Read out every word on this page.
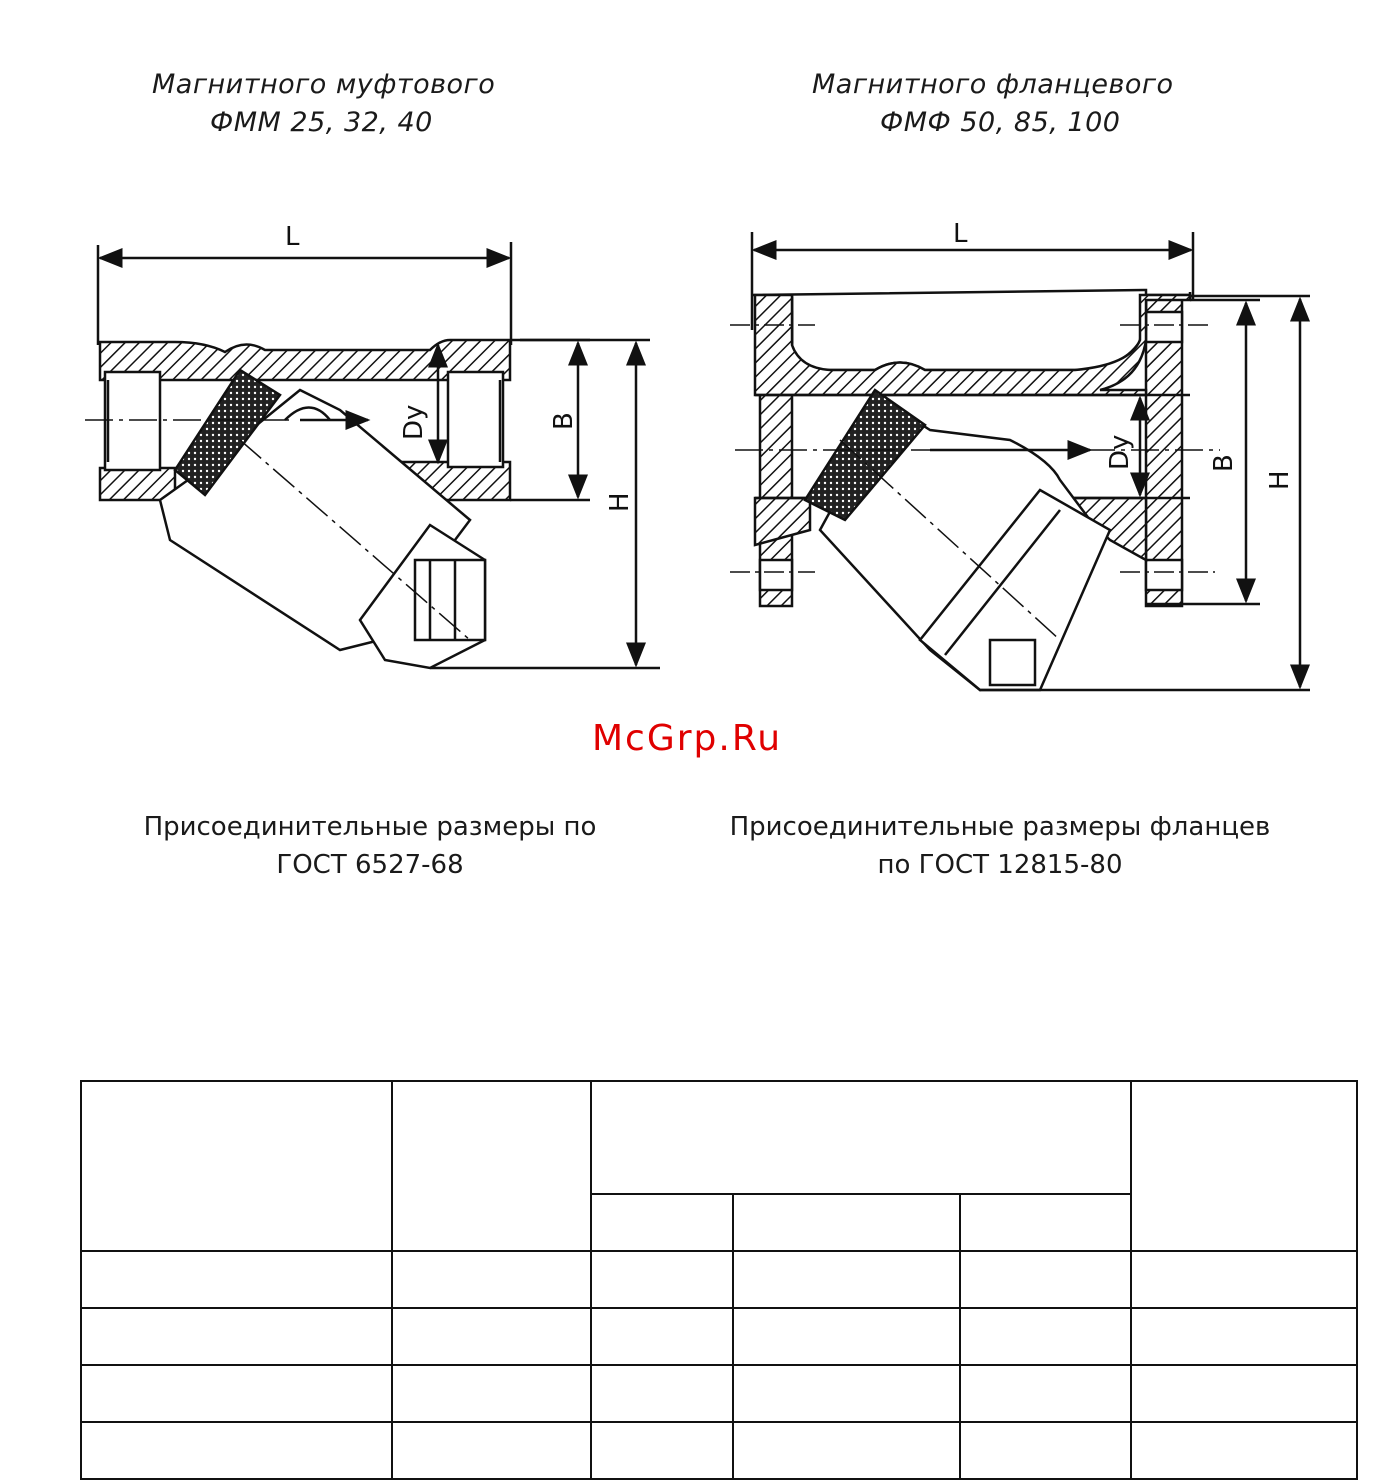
Магнитного муфтового
ФММ 25, 32, 40
Магнитного фланцевого
ФМФ 50, 85, 100
L
Dy	B
H
L
Dy	B
H
McGrp.Ru
Присоединительные размеры по
ГОСТ 6527-68
Присоединительные размеры фланцев
по ГОСТ 12815-80
